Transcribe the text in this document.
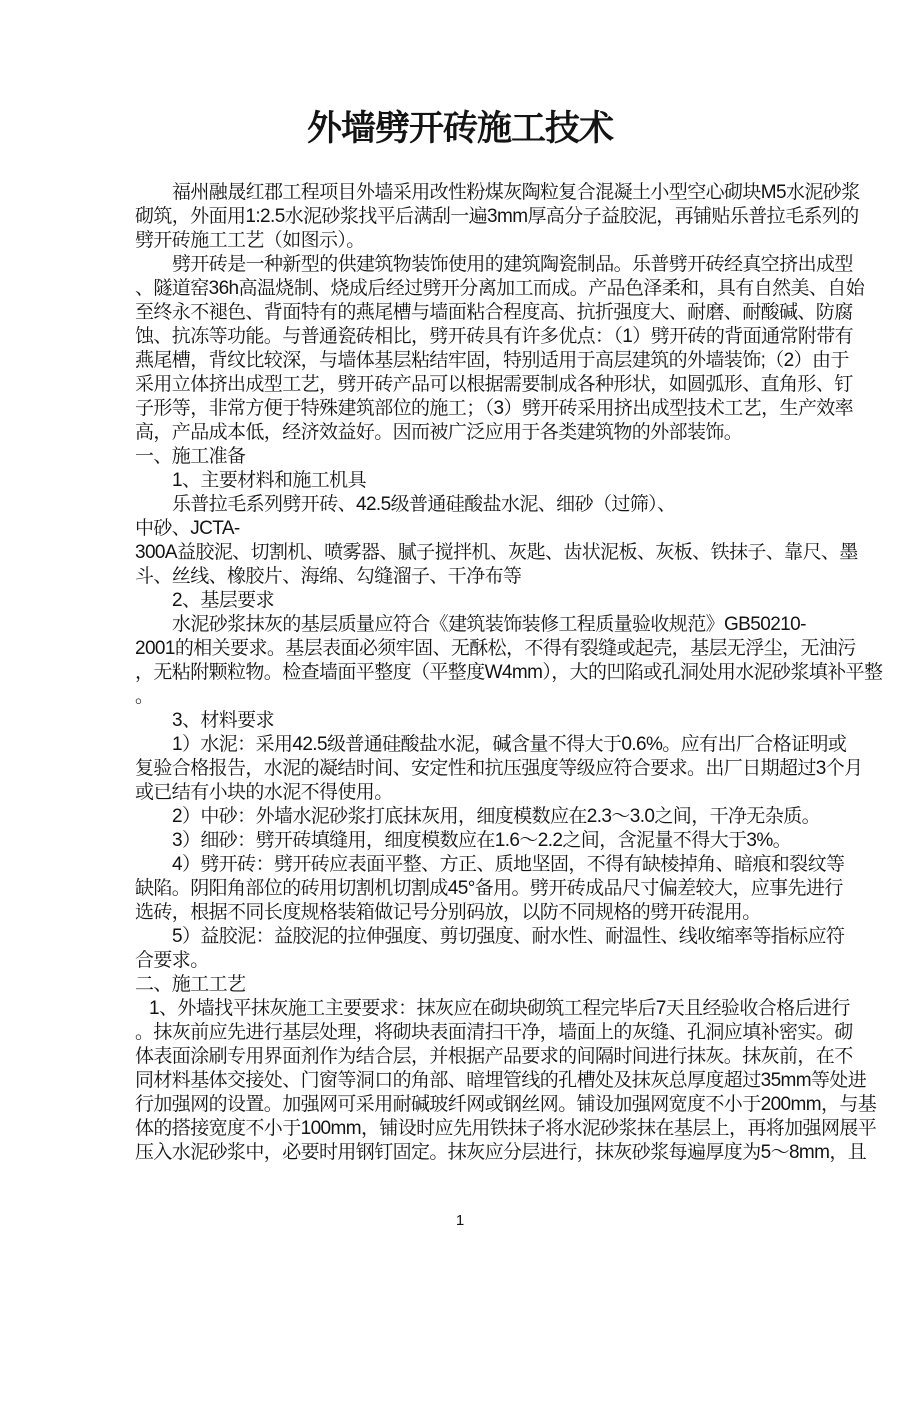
外墙劈开砖施工技术
福州融晟红郡工程项目外墙采用改性粉煤灰陶粒复合混凝土小型空心砌块M5水泥砂浆
砌筑，外面用1:2.5水泥砂浆找平后满刮一遍3mm厚高分子益胶泥，再铺贴乐普拉毛系列的
劈开砖施工工艺（如图示）。
劈开砖是一种新型的供建筑物装饰使用的建筑陶瓷制品。乐普劈开砖经真空挤出成型
、隧道窑36h高温烧制、烧成后经过劈开分离加工而成。产品色泽柔和，具有自然美、自始
至终永不褪色、背面特有的燕尾槽与墙面粘合程度高、抗折强度大、耐磨、耐酸碱、防腐
蚀、抗冻等功能。与普通瓷砖相比，劈开砖具有许多优点：（1）劈开砖的背面通常附带有
燕尾槽，背纹比较深，与墙体基层粘结牢固，特别适用于高层建筑的外墙装饰;（2）由于
采用立体挤出成型工艺，劈开砖产品可以根据需要制成各种形状，如圆弧形、直角形、钉
子形等，非常方便于特殊建筑部位的施工；（3）劈开砖采用挤出成型技术工艺，生产效率
高，产品成本低，经济效益好。因而被广泛应用于各类建筑物的外部装饰。
一、施工准备
1、主要材料和施工机具
乐普拉毛系列劈开砖、42.5级普通硅酸盐水泥、细砂（过筛）、
中砂、JCTA-
300A益胶泥、切割机、喷雾器、腻子搅拌机、灰匙、齿状泥板、灰板、铁抹子、靠尺、墨
斗、丝线、橡胶片、海绵、勾缝溜子、干净布等
2、基层要求
水泥砂浆抹灰的基层质量应符合《建筑装饰装修工程质量验收规范》GB50210-
2001的相关要求。基层表面必须牢固、无酥松，不得有裂缝或起壳，基层无浮尘，无油污
，无粘附颗粒物。检查墙面平整度（平整度W4mm），大的凹陷或孔洞处用水泥砂浆填补平整
。
3、材料要求
1）水泥：采用42.5级普通硅酸盐水泥，碱含量不得大于0.6%。应有出厂合格证明或
复验合格报告，水泥的凝结时间、安定性和抗压强度等级应符合要求。出厂日期超过3个月
或已结有小块的水泥不得使用。
2）中砂：外墙水泥砂浆打底抹灰用，细度模数应在2.3〜3.0之间，干净无杂质。
3）细砂：劈开砖填缝用，细度模数应在1.6〜2.2之间，含泥量不得大于3%。
4）劈开砖：劈开砖应表面平整、方正、质地坚固，不得有缺棱掉角、暗痕和裂纹等
缺陷。阴阳角部位的砖用切割机切割成45°备用。劈开砖成品尺寸偏差较大，应事先进行
选砖，根据不同长度规格装箱做记号分别码放，以防不同规格的劈开砖混用。
5）益胶泥：益胶泥的拉伸强度、剪切强度、耐水性、耐温性、线收缩率等指标应符
合要求。
二、施工工艺
1、外墙找平抹灰施工主要要求：抹灰应在砌块砌筑工程完毕后7天且经验收合格后进行
。抹灰前应先进行基层处理，将砌块表面清扫干净，墙面上的灰缝、孔洞应填补密实。砌
体表面涂刷专用界面剂作为结合层，并根据产品要求的间隔时间进行抹灰。抹灰前，在不
同材料基体交接处、门窗等洞口的角部、暗埋管线的孔槽处及抹灰总厚度超过35mm等处进
行加强网的设置。加强网可采用耐碱玻纤网或钢丝网。铺设加强网宽度不小于200mm，与基
体的搭接宽度不小于100mm，铺设时应先用铁抹子将水泥砂浆抹在基层上，再将加强网展平
压入水泥砂浆中，必要时用钢钉固定。抹灰应分层进行，抹灰砂浆每遍厚度为5〜8mm，且
1
